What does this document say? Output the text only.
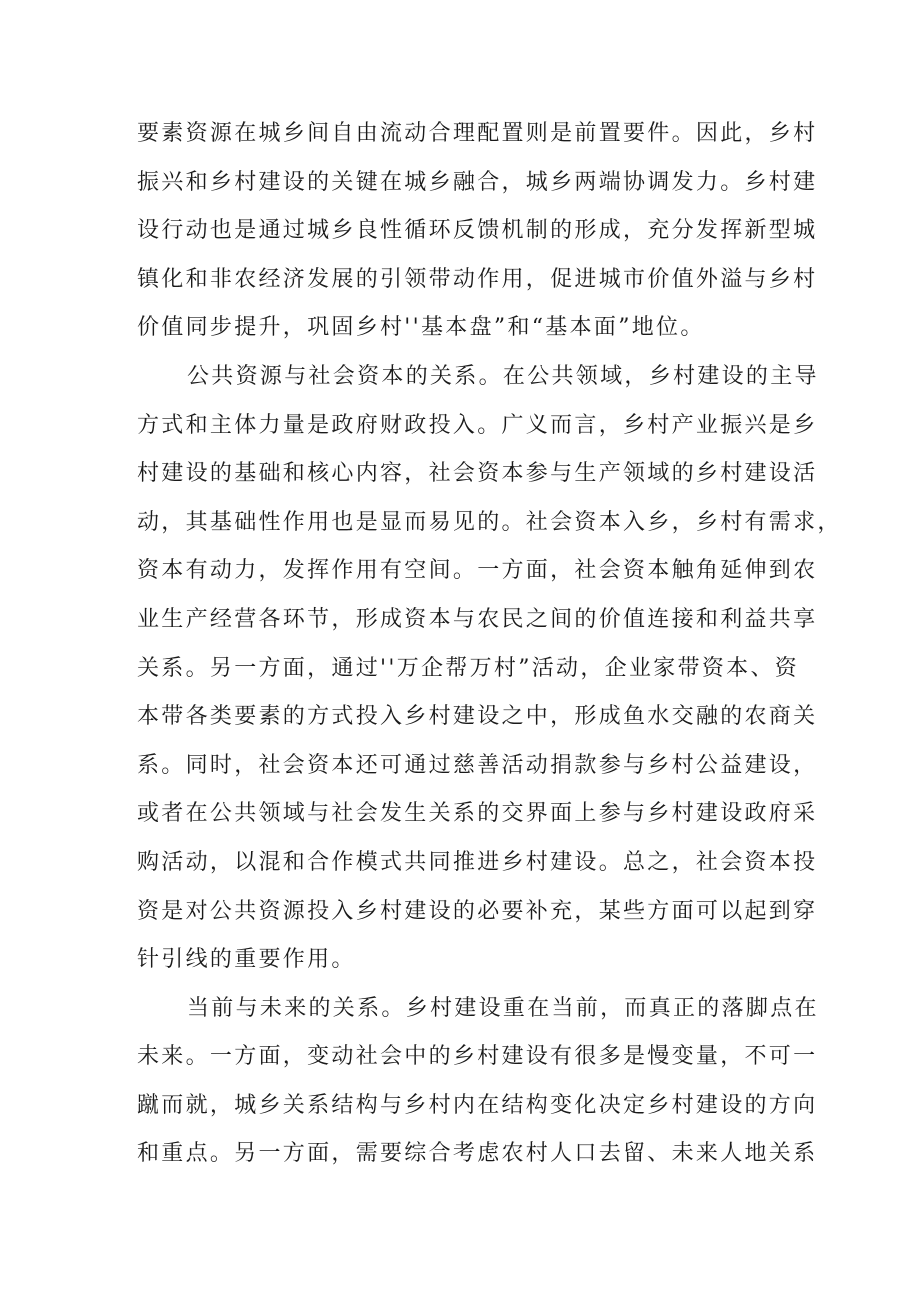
要素资源在城乡间自由流动合理配置则是前置要件。因此，乡村
振兴和乡村建设的关键在城乡融合，城乡两端协调发力。乡村建
设行动也是通过城乡良性循环反馈机制的形成，充分发挥新型城
镇化和非农经济发展的引领带动作用，促进城市价值外溢与乡村
价值同步提升，巩固乡村''基本盘”和“基本面”地位。
公共资源与社会资本的关系。在公共领域，乡村建设的主导
方式和主体力量是政府财政投入。广义而言，乡村产业振兴是乡
村建设的基础和核心内容，社会资本参与生产领域的乡村建设活
动，其基础性作用也是显而易见的。社会资本入乡，乡村有需求，
资本有动力，发挥作用有空间。一方面，社会资本触角延伸到农
业生产经营各环节，形成资本与农民之间的价值连接和利益共享
关系。另一方面，通过''万企帮万村”活动，企业家带资本、资
本带各类要素的方式投入乡村建设之中，形成鱼水交融的农商关
系。同时，社会资本还可通过慈善活动捐款参与乡村公益建设，
或者在公共领域与社会发生关系的交界面上参与乡村建设政府采
购活动，以混和合作模式共同推进乡村建设。总之，社会资本投
资是对公共资源投入乡村建设的必要补充，某些方面可以起到穿
针引线的重要作用。
当前与未来的关系。乡村建设重在当前，而真正的落脚点在
未来。一方面，变动社会中的乡村建设有很多是慢变量，不可一
蹴而就，城乡关系结构与乡村内在结构变化决定乡村建设的方向
和重点。另一方面，需要综合考虑农村人口去留、未来人地关系
